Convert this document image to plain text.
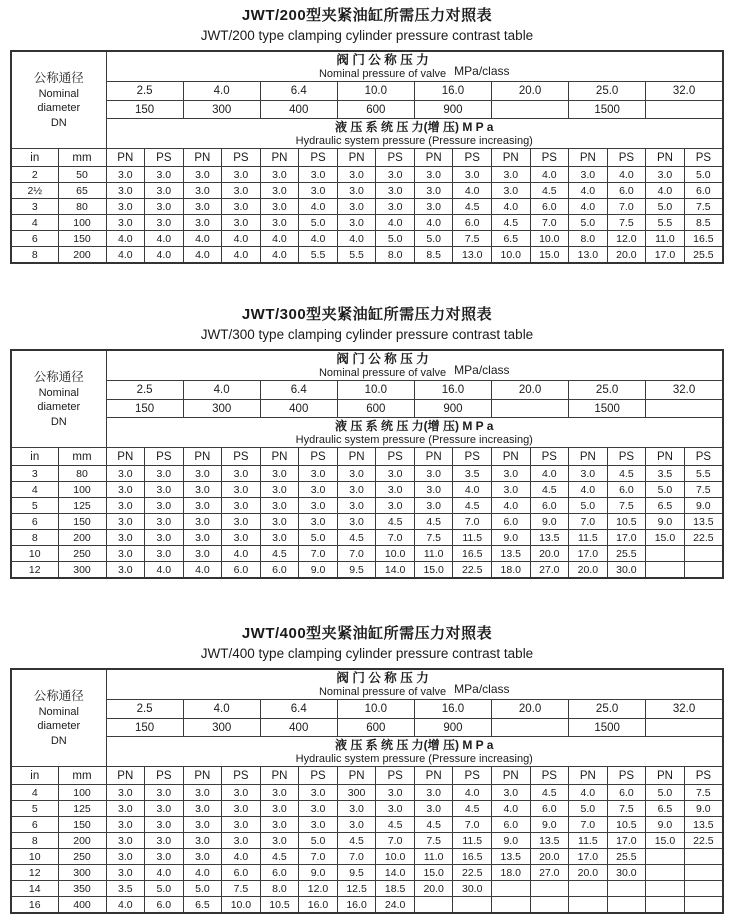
JWT/200型夹紧油缸所需压力对照表
JWT/200 type clamping cylinder pressure contrast table
公称通径
Nominal
diameter
DN

阀 门 公 称 压 力
Nominal pressure of valve MPa/class

		2.5		4.0		6.4		10.0		16.0		20.0		25.0		32.0	
		150		300		400		600		900				1500			

		液 压 系 统 压 力(增 压) M P a
Hydraulic system pressure (Pressure increasing)															

in	mm	PN	PS	PN	PS	PN	PS	PN	PS	PN	PS	PN	PS	PN	PS	PN	PS
2	50	3.0	3.0	3.0	3.0	3.0	3.0	3.0	3.0	3.0	3.0	3.0	4.0	3.0	4.0	3.0	5.0
2½	65	3.0	3.0	3.0	3.0	3.0	3.0	3.0	3.0	3.0	4.0	3.0	4.5	4.0	6.0	4.0	6.0
3	80	3.0	3.0	3.0	3.0	3.0	4.0	3.0	3.0	3.0	4.5	4.0	6.0	4.0	7.0	5.0	7.5
4	100	3.0	3.0	3.0	3.0	3.0	5.0	3.0	4.0	4.0	6.0	4.5	7.0	5.0	7.5	5.5	8.5
6	150	4.0	4.0	4.0	4.0	4.0	4.0	4.0	5.0	5.0	7.5	6.5	10.0	8.0	12.0	11.0	16.5
8	200	4.0	4.0	4.0	4.0	4.0	5.5	5.5	8.0	8.5	13.0	10.0	15.0	13.0	20.0	17.0	25.5
JWT/300型夹紧油缸所需压力对照表
JWT/300 type clamping cylinder pressure contrast table
公称通径
Nominal
diameter
DN

阀 门 公 称 压 力
Nominal pressure of valve MPa/class

		2.5		4.0		6.4		10.0		16.0		20.0		25.0		32.0	
		150		300		400		600		900				1500			

		液 压 系 统 压 力(增 压) M P a
Hydraulic system pressure (Pressure increasing)															

in	mm	PN	PS	PN	PS	PN	PS	PN	PS	PN	PS	PN	PS	PN	PS	PN	PS
3	80	3.0	3.0	3.0	3.0	3.0	3.0	3.0	3.0	3.0	3.5	3.0	4.0	3.0	4.5	3.5	5.5
4	100	3.0	3.0	3.0	3.0	3.0	3.0	3.0	3.0	3.0	4.0	3.0	4.5	4.0	6.0	5.0	7.5
5	125	3.0	3.0	3.0	3.0	3.0	3.0	3.0	3.0	3.0	4.5	4.0	6.0	5.0	7.5	6.5	9.0
6	150	3.0	3.0	3.0	3.0	3.0	3.0	3.0	4.5	4.5	7.0	6.0	9.0	7.0	10.5	9.0	13.5
8	200	3.0	3.0	3.0	3.0	3.0	5.0	4.5	7.0	7.5	11.5	9.0	13.5	11.5	17.0	15.0	22.5
10	250	3.0	3.0	3.0	4.0	4.5	7.0	7.0	10.0	11.0	16.5	13.5	20.0	17.0	25.5		
12	300	3.0	4.0	4.0	6.0	6.0	9.0	9.5	14.0	15.0	22.5	18.0	27.0	20.0	30.0		
JWT/400型夹紧油缸所需压力对照表
JWT/400 type clamping cylinder pressure contrast table
公称通径
Nominal
diameter
DN

阀 门 公 称 压 力
Nominal pressure of valve MPa/class

		2.5		4.0		6.4		10.0		16.0		20.0		25.0		32.0	
		150		300		400		600		900				1500			

		液 压 系 统 压 力(增 压) M P a
Hydraulic system pressure (Pressure increasing)															

in	mm	PN	PS	PN	PS	PN	PS	PN	PS	PN	PS	PN	PS	PN	PS	PN	PS
4	100	3.0	3.0	3.0	3.0	3.0	3.0	300	3.0	3.0	4.0	3.0	4.5	4.0	6.0	5.0	7.5
5	125	3.0	3.0	3.0	3.0	3.0	3.0	3.0	3.0	3.0	4.5	4.0	6.0	5.0	7.5	6.5	9.0
6	150	3.0	3.0	3.0	3.0	3.0	3.0	3.0	4.5	4.5	7.0	6.0	9.0	7.0	10.5	9.0	13.5
8	200	3.0	3.0	3.0	3.0	3.0	5.0	4.5	7.0	7.5	11.5	9.0	13.5	11.5	17.0	15.0	22.5
10	250	3.0	3.0	3.0	4.0	4.5	7.0	7.0	10.0	11.0	16.5	13.5	20.0	17.0	25.5		
12	300	3.0	4.0	4.0	6.0	6.0	9.0	9.5	14.0	15.0	22.5	18.0	27.0	20.0	30.0		
14	350	3.5	5.0	5.0	7.5	8.0	12.0	12.5	18.5	20.0	30.0						
16	400	4.0	6.0	6.5	10.0	10.5	16.0	16.0	24.0								
